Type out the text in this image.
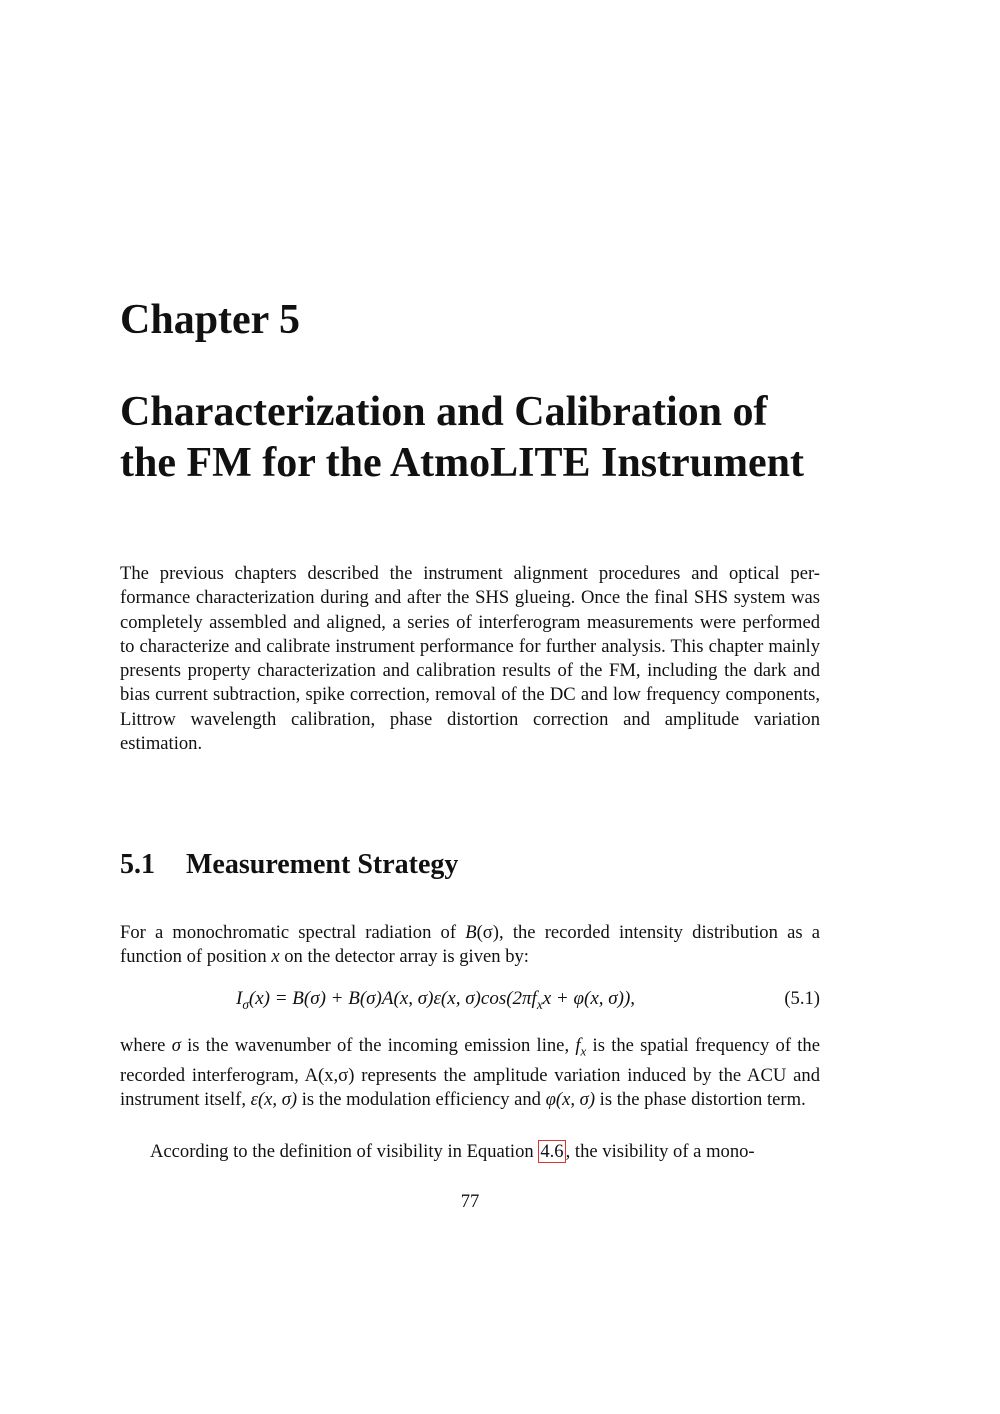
Chapter 5
Characterization and Calibration of
the FM for the AtmoLITE Instrument

The previous chapters described the instrument alignment procedures and optical per-formance characterization during and after the SHS glueing. Once the final SHS system was completely assembled and aligned, a series of interferogram measurements were performed to characterize and calibrate instrument performance for further analysis. This chapter mainly presents property characterization and calibration results of the FM, including the dark and bias current subtraction, spike correction, removal of the DC and low frequency components, Littrow wavelength calibration, phase distortion correction and amplitude variation estimation.

5.1 Measurement Strategy

For a monochromatic spectral radiation of B(σ), the recorded intensity distribution as a function of position x on the detector array is given by:

$I_\sigma(x) = B(\sigma) + B(\sigma)A(x$, σ)ε(x, $\sigma)\cos(2\pi f_xx + \varphi(x$, σ)),	(5.1)

where σ is the wavenumber of the incoming emission line, $f_x$ is the spatial frequency of the recorded interferogram, A(x,σ) represents the amplitude variation induced by the ACU and instrument itself, ε(x, σ) is the modulation efficiency and φ(x, σ) is the phase distortion term.

According to the definition of visibility in Equation 4.6 , the visibility of a mono-

77
